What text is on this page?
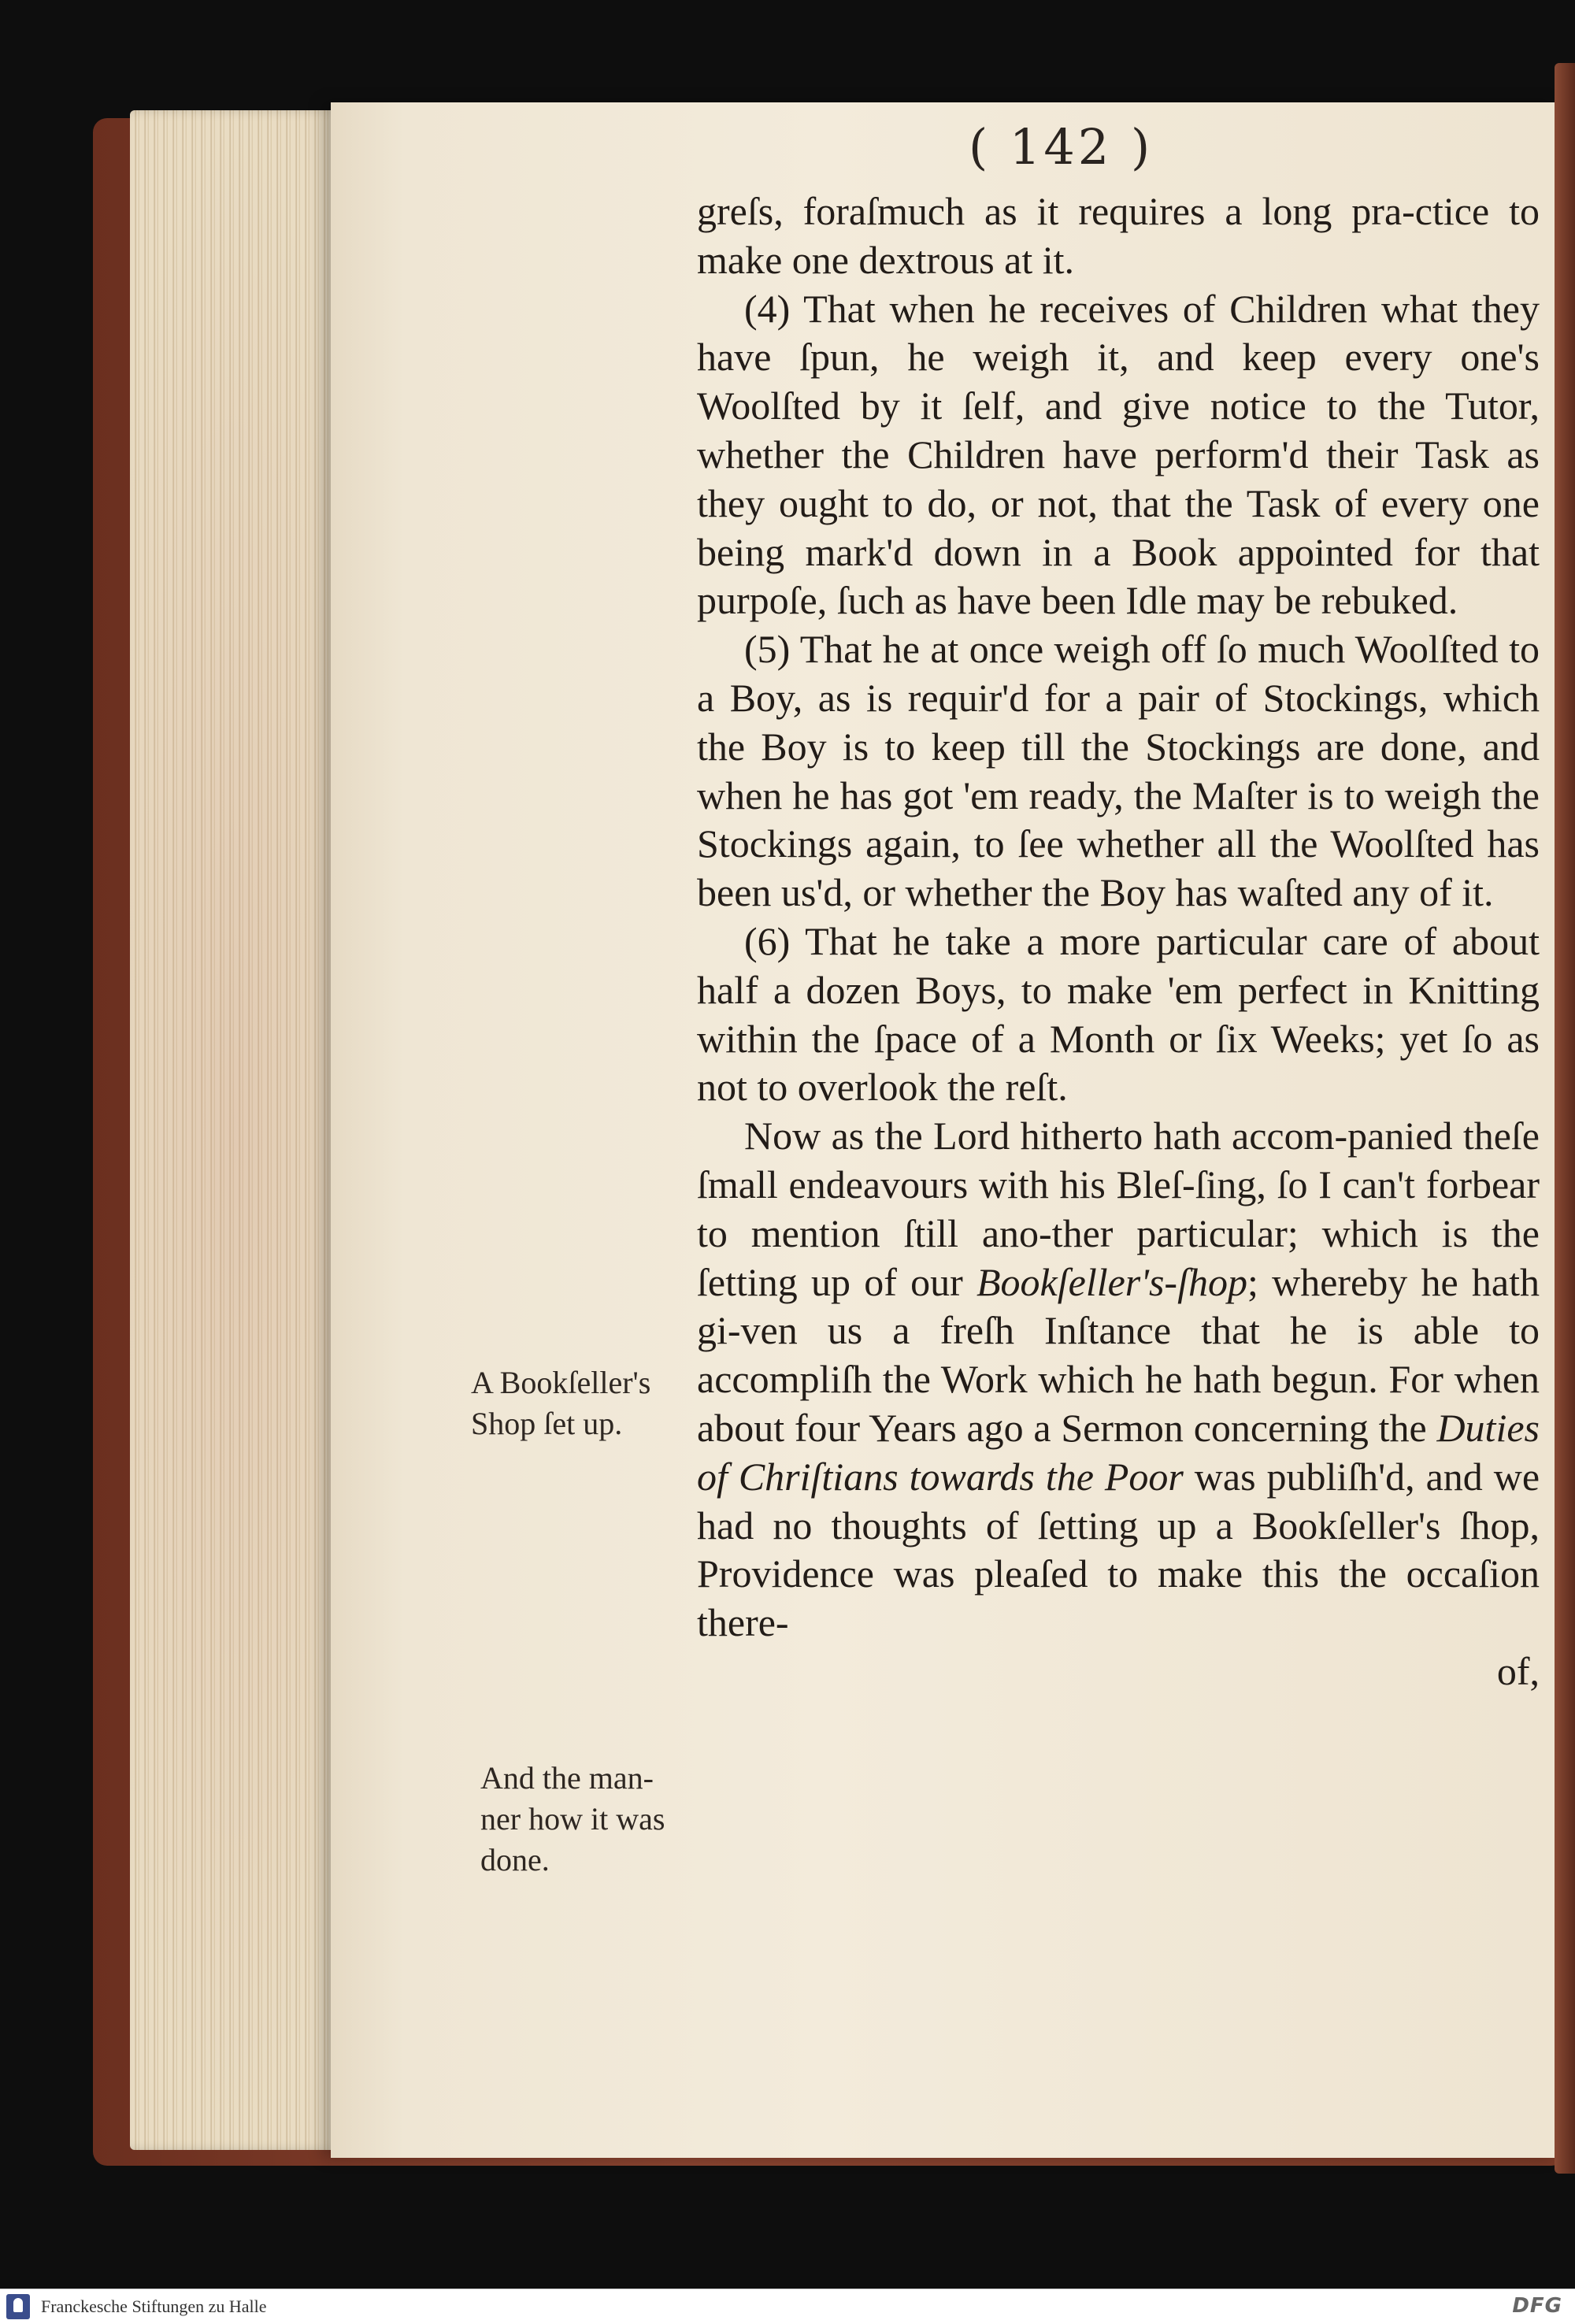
( 142 )

greſs, foraſmuch as it requires a long pra-ctice to make one dextrous at it.

(4) That when he receives of Children what they have ſpun, he weigh it, and keep every one's Woolſted by it ſelf, and give notice to the Tutor, whether the Children have perform'd their Task as they ought to do, or not, that the Task of every one being mark'd down in a Book appointed for that purpoſe, ſuch as have been Idle may be rebuked.

(5) That he at once weigh off ſo much Woolſted to a Boy, as is requir'd for a pair of Stockings, which the Boy is to keep till the Stockings are done, and when he has got 'em ready, the Maſter is to weigh the Stockings again, to ſee whether all the Woolſted has been us'd, or whether the Boy has waſted any of it.

(6) That he take a more particular care of about half a dozen Boys, to make 'em perfect in Knitting within the ſpace of a Month or ſix Weeks; yet ſo as not to overlook the reſt.

Now as the Lord hitherto hath accom-panied theſe ſmall endeavours with his Bleſ-ſing, ſo I can't forbear to mention ſtill ano-ther particular; which is the ſetting up of our Bookſeller's-ſhop; whereby he hath gi-ven us a freſh Inſtance that he is able to accompliſh the Work which he hath begun. For when about four Years ago a Sermon concerning the Duties of Chriſtians towards the Poor was publiſh'd, and we had no thoughts of ſetting up a Bookſeller's ſhop, Providence was pleaſed to make this the occaſion there-

of,

A Bookſeller's Shop ſet up.
And the man-ner how it was done.
Franckesche Stiftungen zu Halle	DFG
